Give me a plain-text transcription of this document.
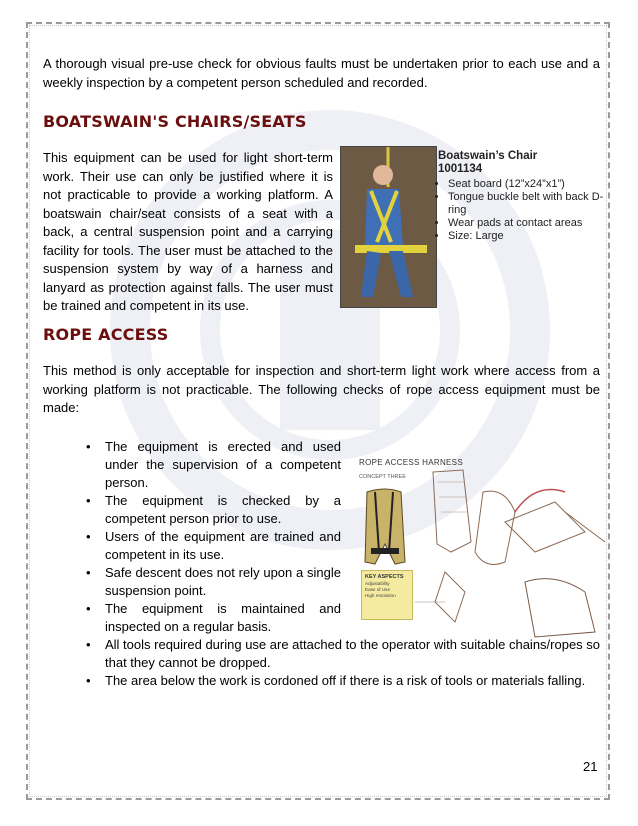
A thorough visual pre-use check for obvious faults must be undertaken prior to each use and a weekly inspection by a competent person scheduled and recorded.

BOATSWAIN'S CHAIRS/SEATS

This equipment can be used for light short-term work. Their use can only be justified where it is not practicable to provide a working platform. A boatswain chair/seat consists of a seat with a back, a central suspension point and a carrying facility for tools. The user must be attached to the suspension system by way of a harness and lanyard as protection against falls. The user must be trained and competent in its use.

Boatswain’s Chair
1001134
• Seat board (12”x24”x1”)
• Tongue buckle belt with back D-ring
• Wear pads at contact areas
• Size: Large
ROPE ACCESS

This method is only acceptable for inspection and short-term light work where access from a working platform is not practicable. The following checks of rope access equipment must be made:

• The equipment is erected and used under the supervision of a competent person.
• The equipment is checked by a competent person prior to use.
• Users of the equipment are trained and competent in its use.
• Safe descent does not rely upon a single suspension point.
• The equipment is maintained and inspected on a regular basis.
• All tools required during use are attached to the operator with suitable chains/ropes so that they cannot be dropped.
• The area below the work is cordoned off if there is a risk of tools or materials falling.
ROPE ACCESS HARNESS
CONCEPT THREE
KEY ASPECTS
Adjustability
Ease of Use
High resolution
21
